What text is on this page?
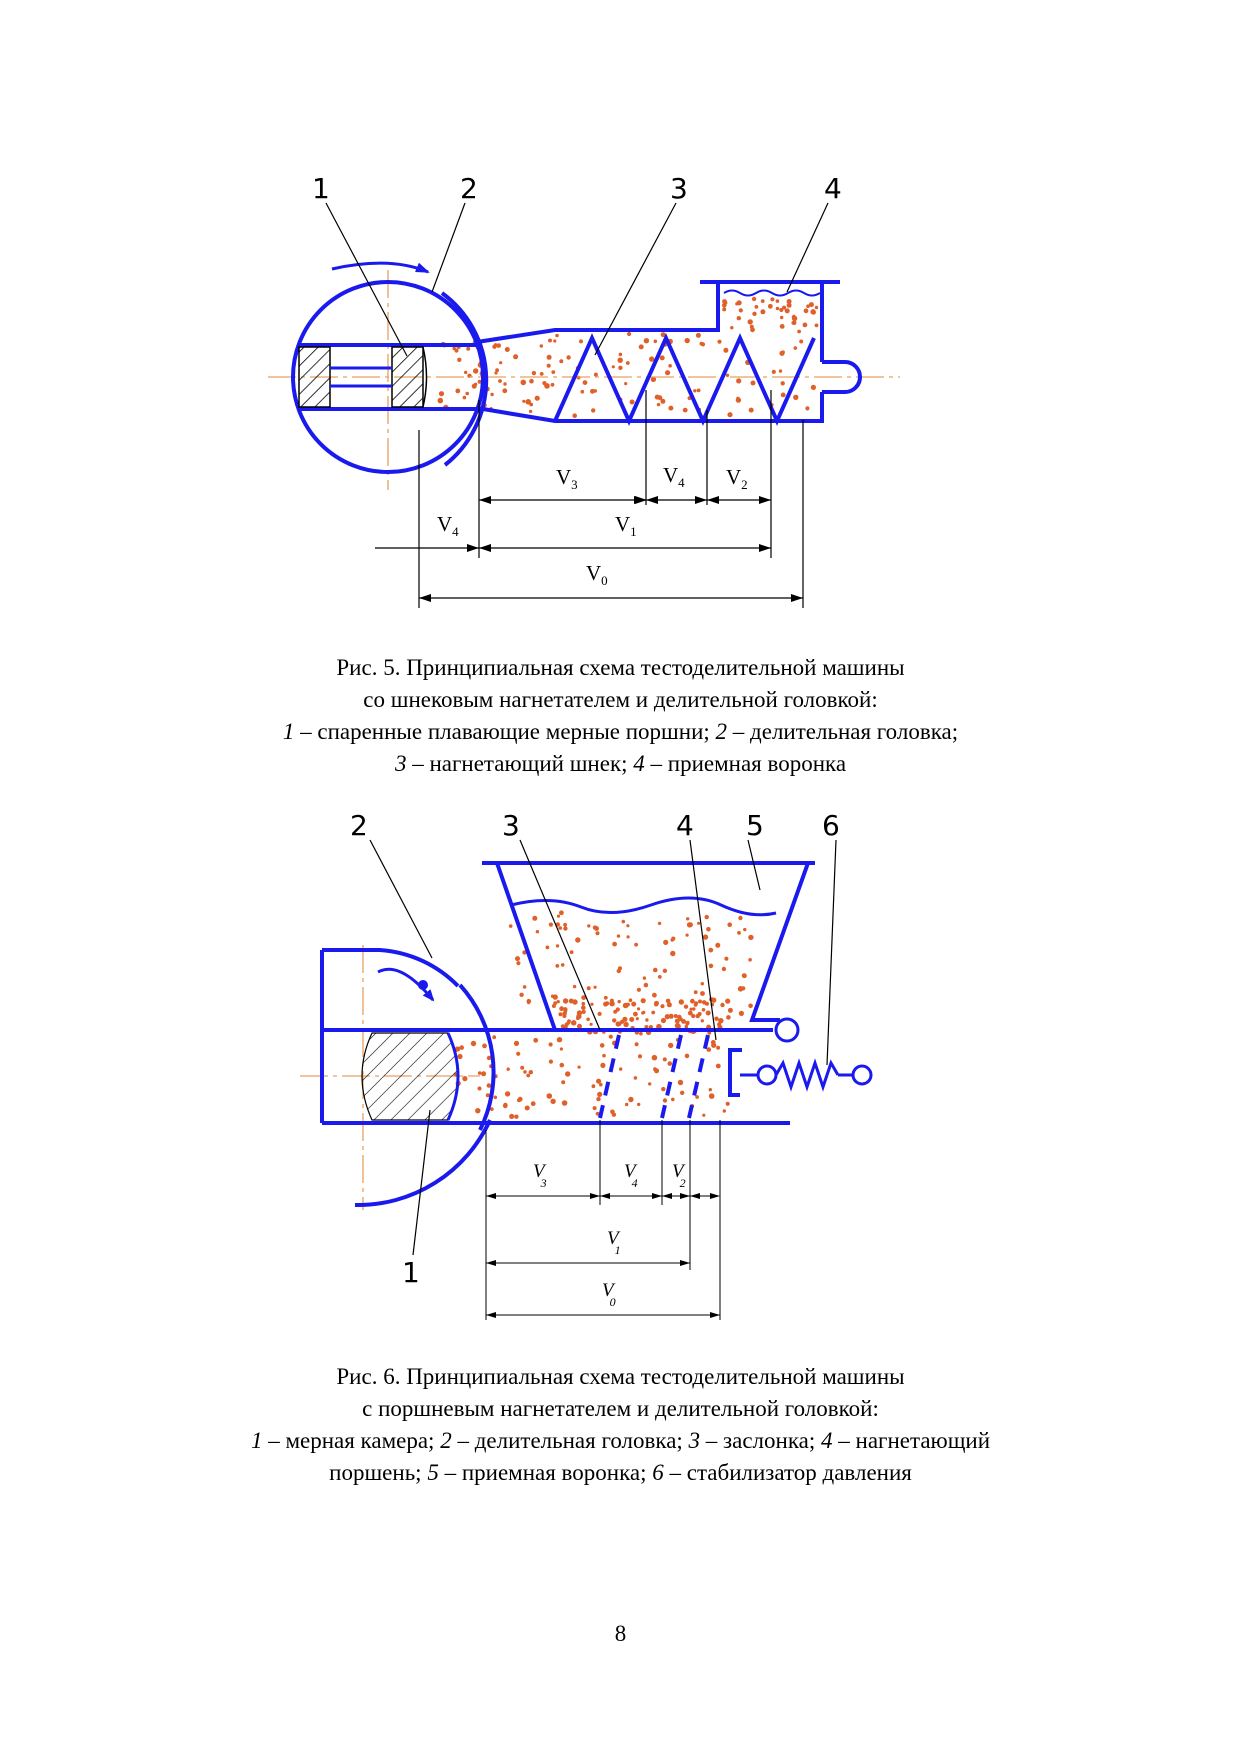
1	2	3	4
$V_3$	$V_4$ $V_2$
$V_4$	$V_1$
$V_0$
Рис. 5. Принципиальная схема тестоделительной машины
со шнековым нагнетателем и делительной головкой:
1 – спаренные плавающие мерные поршни; 2 – делительная головка;
3 – нагнетающий шнек; 4 – приемная воронка
2	3	4 5 6
1
V 3
V 4
V 2
V 1
V 0
Рис. 6. Принципиальная схема тестоделительной машины
с поршневым нагнетателем и делительной головкой:
1 – мерная камера; 2 – делительная головка; 3 – заслонка; 4 – нагнетающий
поршень; 5 – приемная воронка; 6 – стабилизатор давления
8
